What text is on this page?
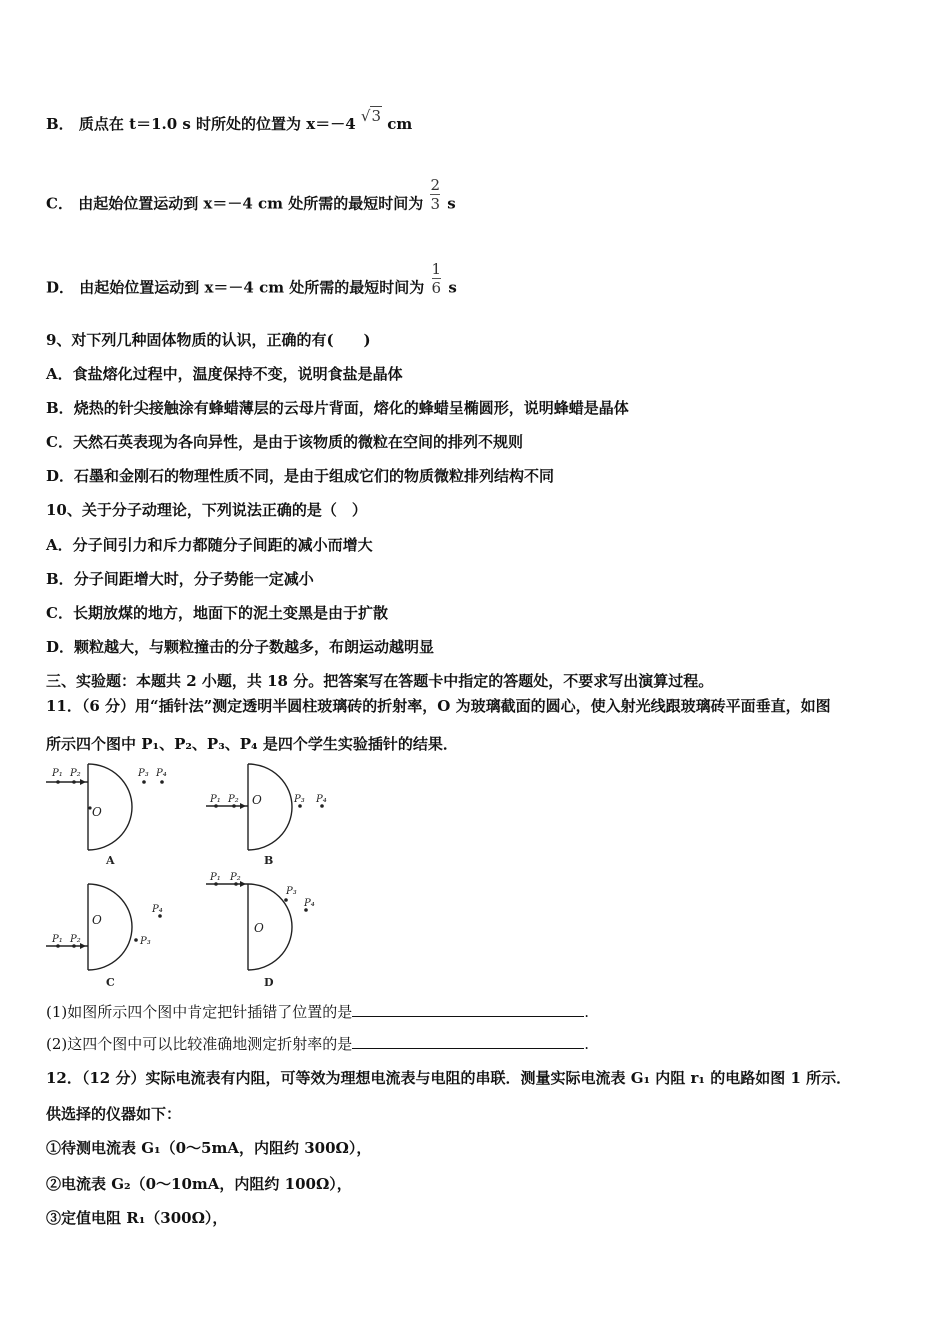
B． 质点在 t＝1.0 s 时所处的位置为 x＝－4 √3 cm
C． 由起始位置运动到 x＝－4 cm 处所需的最短时间为 $\frac{2}{3}$ s
D． 由起始位置运动到 x＝－4 cm 处所需的最短时间为 $\frac{1}{6}$ s
9、对下列几种固体物质的认识，正确的有(　　)
A．食盐熔化过程中，温度保持不变，说明食盐是晶体
B．烧热的针尖接触涂有蜂蜡薄层的云母片背面，熔化的蜂蜡呈椭圆形，说明蜂蜡是晶体
C．天然石英表现为各向异性，是由于该物质的微粒在空间的排列不规则
D．石墨和金刚石的物理性质不同，是由于组成它们的物质微粒排列结构不同
10、关于分子动理论，下列说法正确的是（　）
A．分子间引力和斥力都随分子间距的减小而增大
B．分子间距增大时，分子势能一定减小
C．长期放煤的地方，地面下的泥土变黑是由于扩散
D．颗粒越大，与颗粒撞击的分子数越多，布朗运动越明显
三、实验题：本题共 2 小题，共 18 分。把答案写在答题卡中指定的答题处，不要求写出演算过程。
11．（6 分）用“插针法”测定透明半圆柱玻璃砖的折射率，O 为玻璃截面的圆心，使入射光线跟玻璃砖平面垂直，如图
所示四个图中 P₁、P₂、P₃、P₄ 是四个学生实验插针的结果．
P₁ P₂	P₃ P₄
O
P₁ P₂ O	P₃ P₄
O
P₁ P₂	P₃
P₄
P₁ P₂
P₃
P₄
O
A	B
C	D
(1)如图所示四个图中肯定把针插错了位置的是	.
(2)这四个图中可以比较准确地测定折射率的是	.
12．（12 分）实际电流表有内阻，可等效为理想电流表与电阻的串联．测量实际电流表 G₁ 内阻 r₁ 的电路如图 1 所示．
供选择的仪器如下：
①待测电流表 G₁（0～5mA，内阻约 300Ω），
②电流表 G₂（0～10mA，内阻约 100Ω），
③定值电阻 R₁（300Ω），
